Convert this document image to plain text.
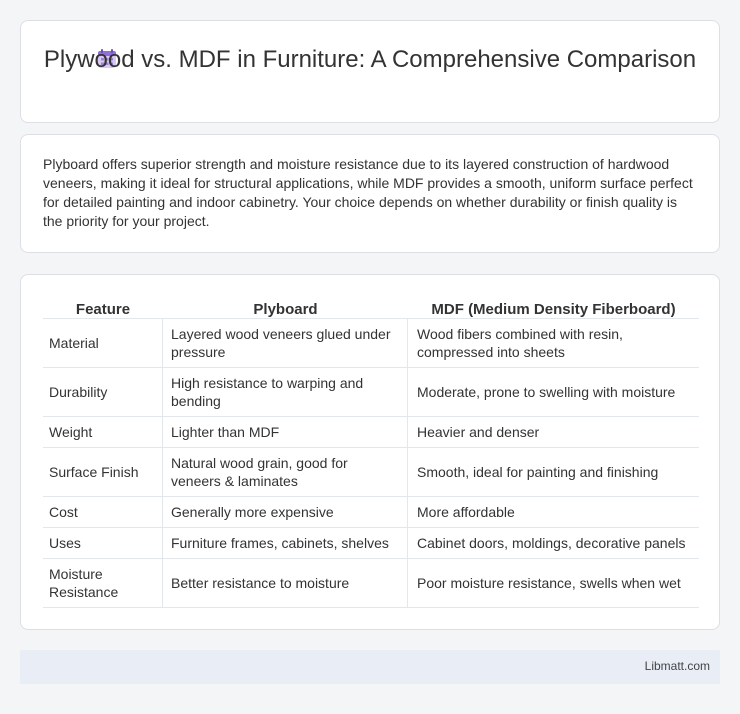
Plywood vs. MDF in Furniture: A Comprehensive Comparison

Plyboard offers superior strength and moisture resistance due to its layered construction of hardwood veneers, making it ideal for structural applications, while MDF provides a smooth, uniform surface perfect for detailed painting and indoor cabinetry. Your choice depends on whether durability or finish quality is the priority for your project.

Feature	Plyboard	MDF (Medium Density Fiberboard)
Material	Layered wood veneers glued under pressure	Wood fibers combined with resin, compressed into sheets
Durability	High resistance to warping and bending	Moderate, prone to swelling with moisture
Weight	Lighter than MDF	Heavier and denser
Surface Finish	Natural wood grain, good for veneers & laminates	Smooth, ideal for painting and finishing
Cost	Generally more expensive	More affordable
Uses	Furniture frames, cabinets, shelves	Cabinet doors, moldings, decorative panels
Moisture Resistance	Better resistance to moisture	Poor moisture resistance, swells when wet
Libmatt.com
